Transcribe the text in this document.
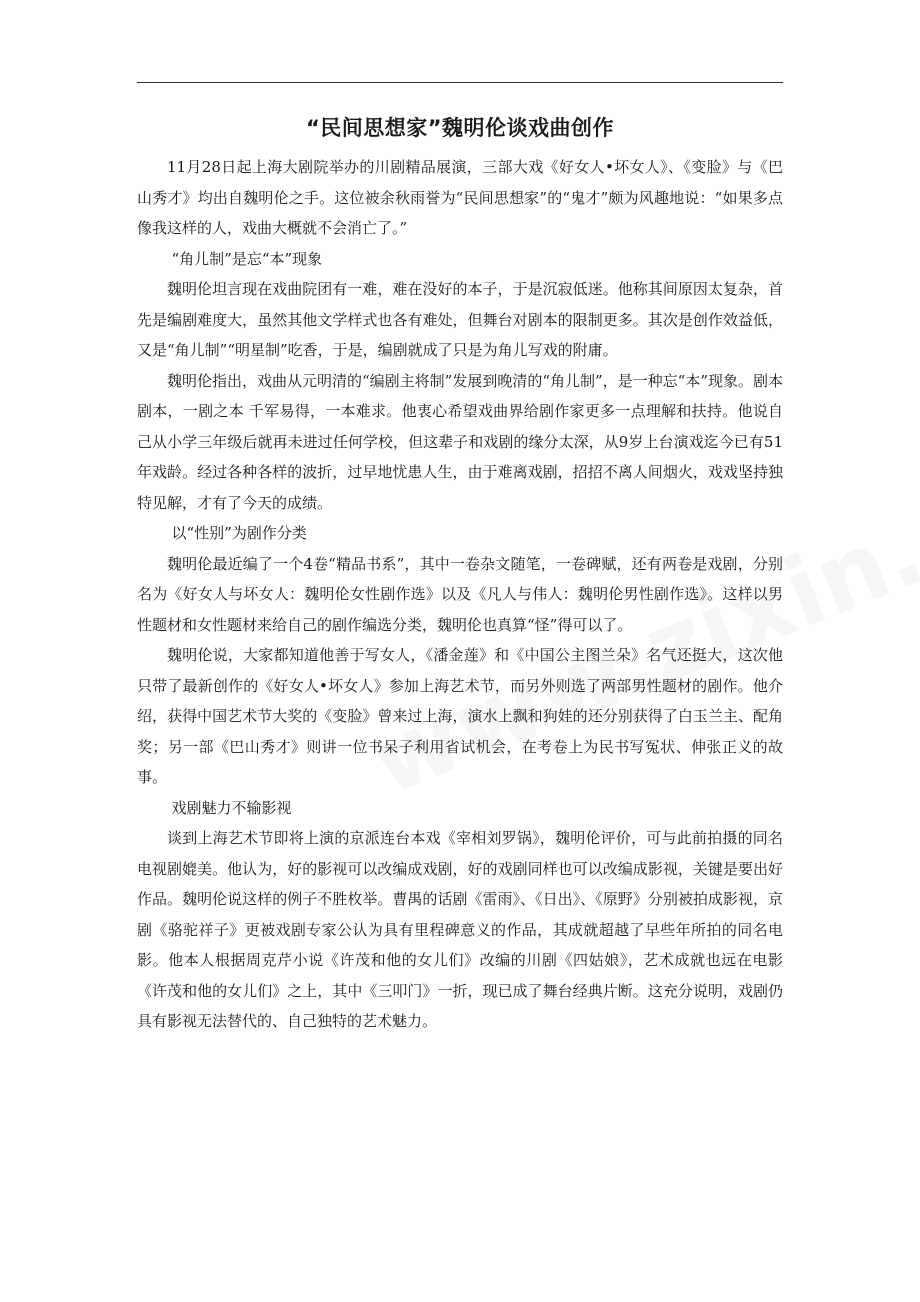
“民间思想家”魏明伦谈戏曲创作

11月28日起上海大剧院举办的川剧精品展演，三部大戏《好女人•坏女人》、《变脸》与《巴山秀才》均出自魏明伦之手。这位被余秋雨誉为“民间思想家”的“鬼才”颇为风趣地说：“如果多点像我这样的人，戏曲大概就不会消亡了。”

“角儿制”是忘“本”现象

魏明伦坦言现在戏曲院团有一难，难在没好的本子，于是沉寂低迷。他称其间原因太复杂，首先是编剧难度大，虽然其他文学样式也各有难处，但舞台对剧本的限制更多。其次是创作效益低，又是“角儿制”“明星制”吃香，于是，编剧就成了只是为角儿写戏的附庸。

魏明伦指出，戏曲从元明清的“编剧主将制”发展到晚清的“角儿制”，是一种忘“本”现象。剧本剧本，一剧之本 千军易得，一本难求。他衷心希望戏曲界给剧作家更多一点理解和扶持。他说自己从小学三年级后就再未进过任何学校，但这辈子和戏剧的缘分太深，从9岁上台演戏迄今已有51年戏龄。经过各种各样的波折，过早地忧患人生，由于难离戏剧，招招不离人间烟火，戏戏坚持独特见解，才有了今天的成绩。

以“性别”为剧作分类

魏明伦最近编了一个4卷“精品书系”，其中一卷杂文随笔，一卷碑赋，还有两卷是戏剧，分别名为《好女人与坏女人：魏明伦女性剧作选》以及《凡人与伟人：魏明伦男性剧作选》。这样以男性题材和女性题材来给自己的剧作编选分类，魏明伦也真算“怪”得可以了。

魏明伦说，大家都知道他善于写女人，《潘金莲》和《中国公主图兰朵》名气还挺大，这次他只带了最新创作的《好女人•坏女人》参加上海艺术节，而另外则选了两部男性题材的剧作。他介绍，获得中国艺术节大奖的《变脸》曾来过上海，演水上飘和狗娃的还分别获得了白玉兰主、配角奖；另一部《巴山秀才》则讲一位书呆子利用省试机会，在考卷上为民书写冤状、伸张正义的故事。

戏剧魅力不输影视

谈到上海艺术节即将上演的京派连台本戏《宰相刘罗锅》，魏明伦评价，可与此前拍摄的同名电视剧媲美。他认为，好的影视可以改编成戏剧，好的戏剧同样也可以改编成影视，关键是要出好作品。魏明伦说这样的例子不胜枚举。曹禺的话剧《雷雨》、《日出》、《原野》分别被拍成影视，京剧《骆驼祥子》更被戏剧专家公认为具有里程碑意义的作品，其成就超越了早些年所拍的同名电影。他本人根据周克芹小说《许茂和他的女儿们》改编的川剧《四姑娘》，艺术成就也远在电影《许茂和他的女儿们》之上，其中《三叩门》一折，现已成了舞台经典片断。这充分说明，戏剧仍具有影视无法替代的、自己独特的艺术魅力。
